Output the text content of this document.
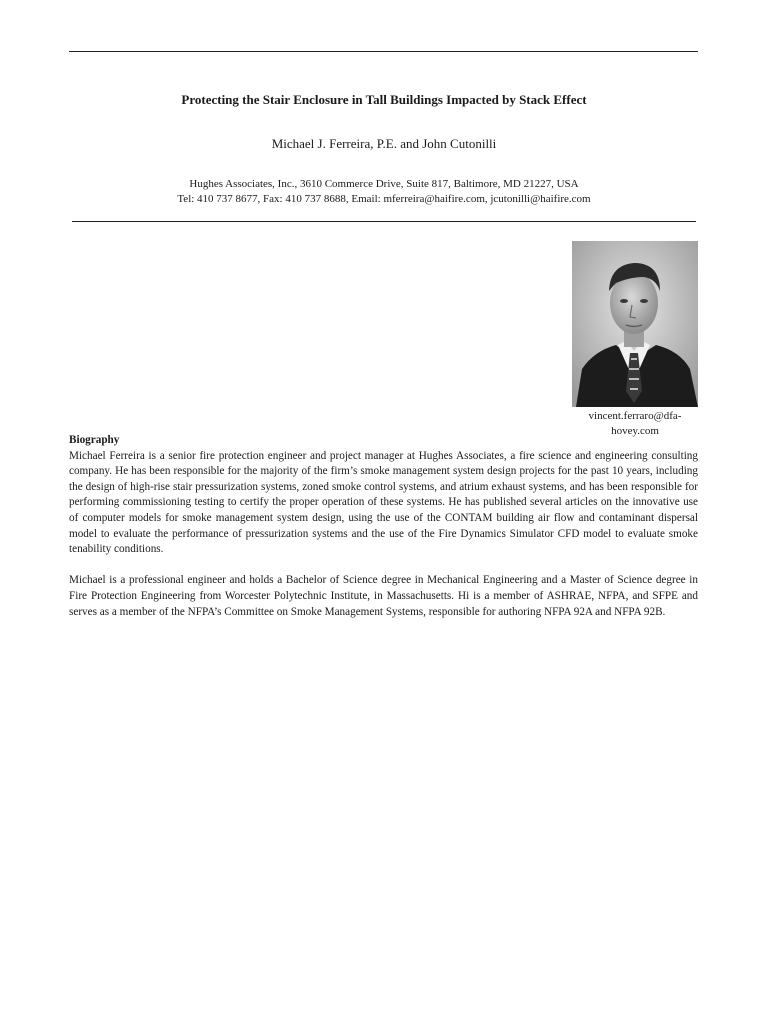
Protecting the Stair Enclosure in Tall Buildings Impacted by Stack Effect
Michael J. Ferreira, P.E. and John Cutonilli
Hughes Associates, Inc., 3610 Commerce Drive, Suite 817, Baltimore, MD 21227, USA
Tel: 410 737 8677, Fax: 410 737 8688, Email: mferreira@haifire.com, jcutonilli@haifire.com
vincent.ferraro@dfa-hovey.com
Biography

Michael Ferreira is a senior fire protection engineer and project manager at Hughes Associates, a fire science and engineering consulting company. He has been responsible for the majority of the firm’s smoke management system design projects for the past 10 years, including the design of high-rise stair pressurization systems, zoned smoke control systems, and atrium exhaust systems, and has been responsible for performing commissioning testing to certify the proper operation of these systems. He has published several articles on the innovative use of computer models for smoke management system design, using the use of the CONTAM building air flow and contaminant dispersal model to evaluate the performance of pressurization systems and the use of the Fire Dynamics Simulator CFD model to evaluate smoke tenability conditions.

Michael is a professional engineer and holds a Bachelor of Science degree in Mechanical Engineering and a Master of Science degree in Fire Protection Engineering from Worcester Polytechnic Institute, in Massachusetts. Hi is a member of ASHRAE, NFPA, and SFPE and serves as a member of the NFPA’s Committee on Smoke Management Systems, responsible for authoring NFPA 92A and NFPA 92B.
